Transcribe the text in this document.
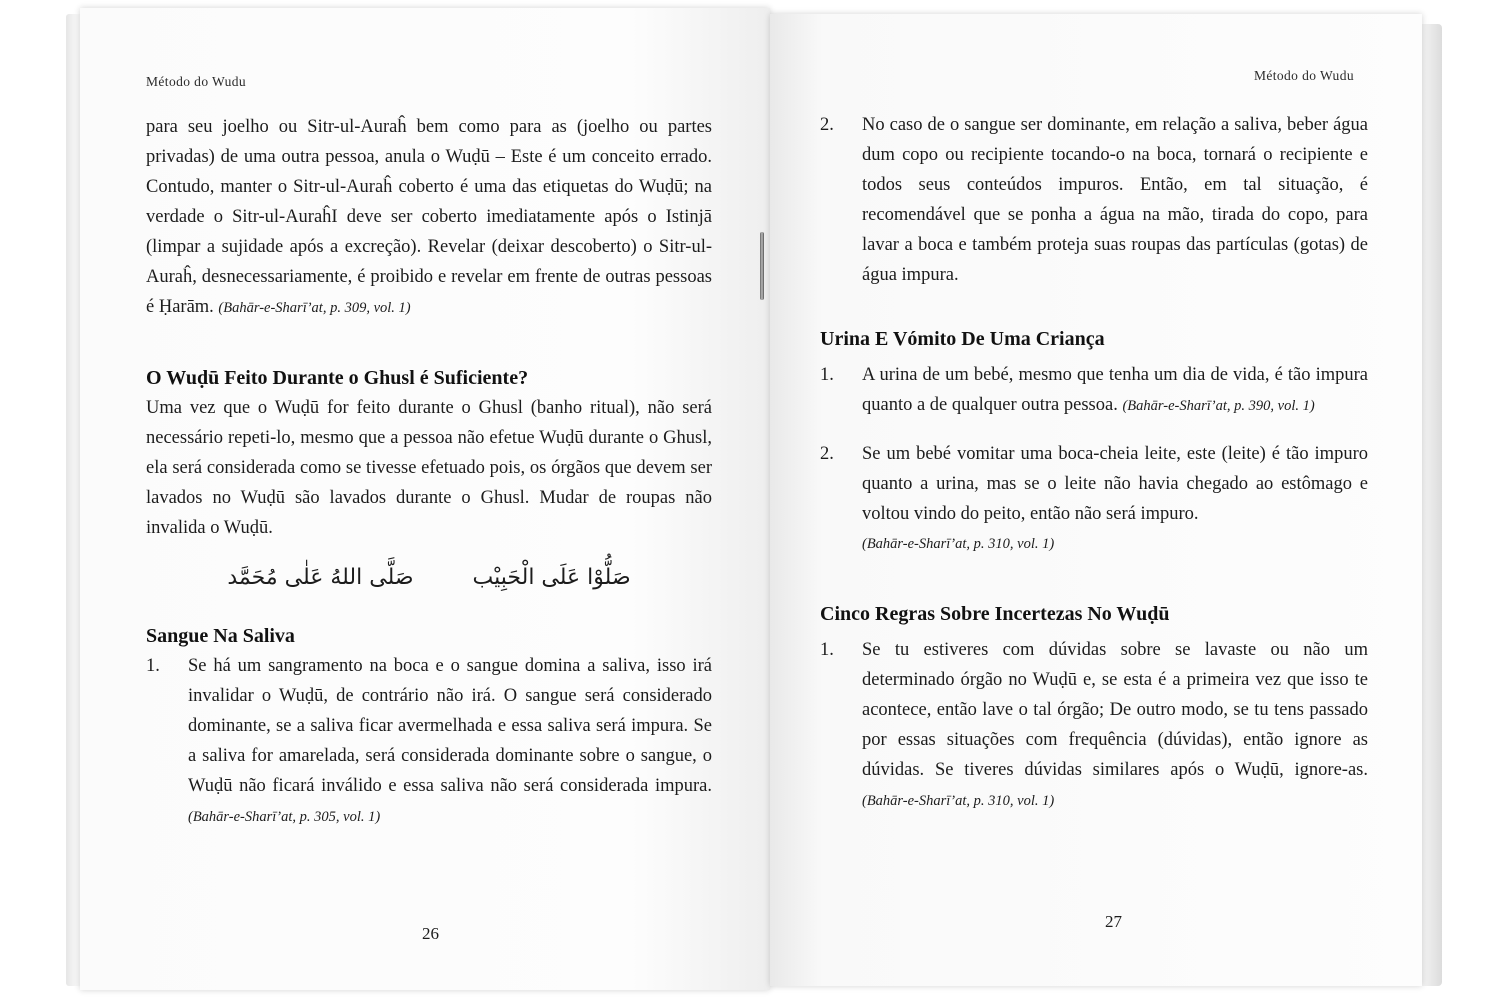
Método do Wudu

para seu joelho ou Sitr-ul-Auraĥ bem como para as (joelho ou partes privadas) de uma outra pessoa, anula o Wuḍū – Este é um conceito errado. Contudo, manter o Sitr-ul-Auraĥ coberto é uma das etiquetas do Wuḍū; na verdade o Sitr-ul-AuraĥI deve ser coberto imediatamente após o Istinjā (limpar a sujidade após a excreção). Revelar (deixar descoberto) o Sitr-ul-Auraĥ, desnecessariamente, é proibido e revelar em frente de outras pessoas é Ḥarām. (Bahār-e-Sharī’at, p. 309, vol. 1)

O Wuḍū Feito Durante o Ghusl é Suficiente?

Uma vez que o Wuḍū for feito durante o Ghusl (banho ritual), não será necessário repeti-lo, mesmo que a pessoa não efetue Wuḍū durante o Ghusl, ela será considerada como se tivesse efetuado pois, os órgãos que devem ser lavados no Wuḍū são lavados durante o Ghusl. Mudar de roupas não invalida o Wuḍū.

صَلُّوْا عَلَى الْحَبِيْب صَلَّى اللهُ عَلٰى مُحَمَّد
Sangue Na Saliva
1.	Se há um sangramento na boca e o sangue domina a saliva, isso irá invalidar o Wuḍū, de contrário não irá. O sangue será considerado dominante, se a saliva ficar avermelhada e essa saliva será impura. Se a saliva for amarelada, será considerada dominante sobre o sangue, o Wuḍū não ficará inválido e essa saliva não será considerada impura. (Bahār-e-Sharī’at, p. 305, vol. 1)
26
Método do Wudu
2.	No caso de o sangue ser dominante, em relação a saliva, beber água dum copo ou recipiente tocando-o na boca, tornará o recipiente e todos seus conteúdos impuros. Então, em tal situação, é recomendável que se ponha a água na mão, tirada do copo, para lavar a boca e também proteja suas roupas das partículas (gotas) de água impura.
Urina E Vómito De Uma Criança
1.	A urina de um bebé, mesmo que tenha um dia de vida, é tão impura quanto a de qualquer outra pessoa. (Bahār-e-Sharī’at, p. 390, vol. 1)
2.	Se um bebé vomitar uma boca-cheia leite, este (leite) é tão impuro quanto a urina, mas se o leite não havia chegado ao estômago e voltou vindo do peito, então não será impuro.
(Bahār-e-Sharī’at, p. 310, vol. 1)
Cinco Regras Sobre Incertezas No Wuḍū
1.	Se tu estiveres com dúvidas sobre se lavaste ou não um determinado órgão no Wuḍū e, se esta é a primeira vez que isso te acontece, então lave o tal órgão; De outro modo, se tu tens passado por essas situações com frequência (dúvidas), então ignore as dúvidas. Se tiveres dúvidas similares após o Wuḍū, ignore-as. (Bahār-e-Sharī’at, p. 310, vol. 1)
27
